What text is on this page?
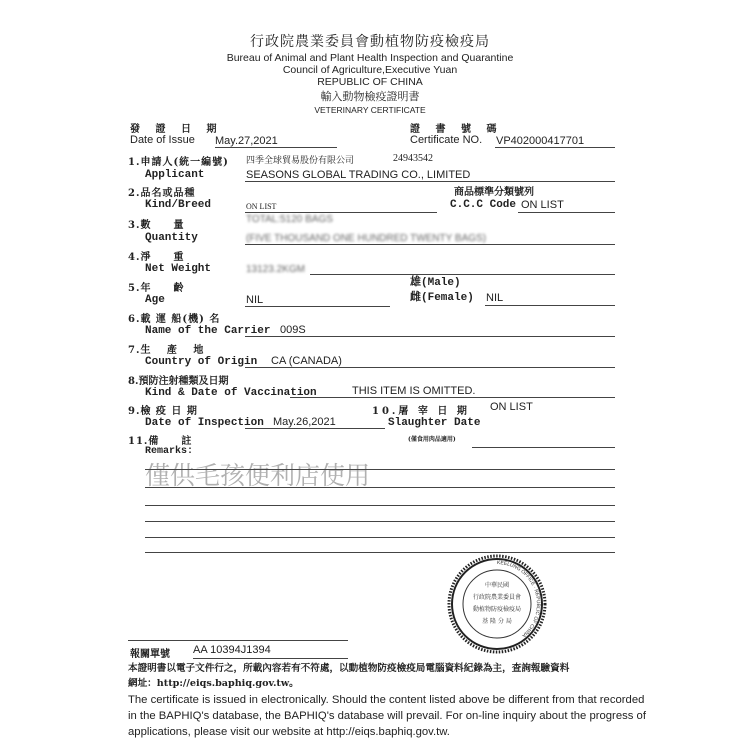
行政院農業委員會動植物防疫檢疫局
Bureau of Animal and Plant Health Inspection and Quarantine
Council of Agriculture,Executive Yuan
REPUBLIC OF CHINA
輸入動物檢疫證明書
VETERINARY CERTIFICATE
發 證 日 期
Date of Issue May.27,2021
證 書 號 碼
Certificate NO. VP402000417701
1.申請人(統一編號)
Applicant
四季全球貿易股份有限公司	24943542
SEASONS GLOBAL TRADING CO., LIMITED
2.品名或品種
Kind/Breed	ON LIST
商品標準分類號列
C.C.C Code ON LIST
3.數　　量
Quantity
TOTAL:5120 BAGS
(FIVE THOUSAND ONE HUNDRED TWENTY BAGS)
4.淨　　重
Net Weight	13123.2KGM
5.年　　齡
Age	NIL
雄(Male)
雌(Female) NIL
6.載 運 船(機) 名
Name of the Carrier 009S
7.生　 產　 地
Country of Origin CA (CANADA)
8.預防注射種類及日期
Kind & Date of Vaccination	THIS ITEM IS OMITTED.
9.檢 疫 日 期
Date of Inspection May.26,2021
10.屠 宰 日 期
Slaughter Date
ON LIST
11.備　　註	(僅食用肉品適用)
Remarks:
僅供毛孩便利店使用
KEELUNG OFFICE · REPUBLIC OF CHINA
中華民國
行政院農業委員會
動植物防疫檢疫局
基 隆 分 局
報關單號 AA 10394J1394
本證明書以電子文件行之，所載內容若有不符處，以動植物防疫檢疫局電腦資料紀錄為主，查詢報驗資料
網址：http://eiqs.baphiq.gov.tw。
The certificate is issued in electronically. Should the content listed above be different from that recorded
in the BAPHIQ's database, the BAPHIQ's database will prevail. For on-line inquiry about the progress of
applications, please visit our website at http://eiqs.baphiq.gov.tw.
